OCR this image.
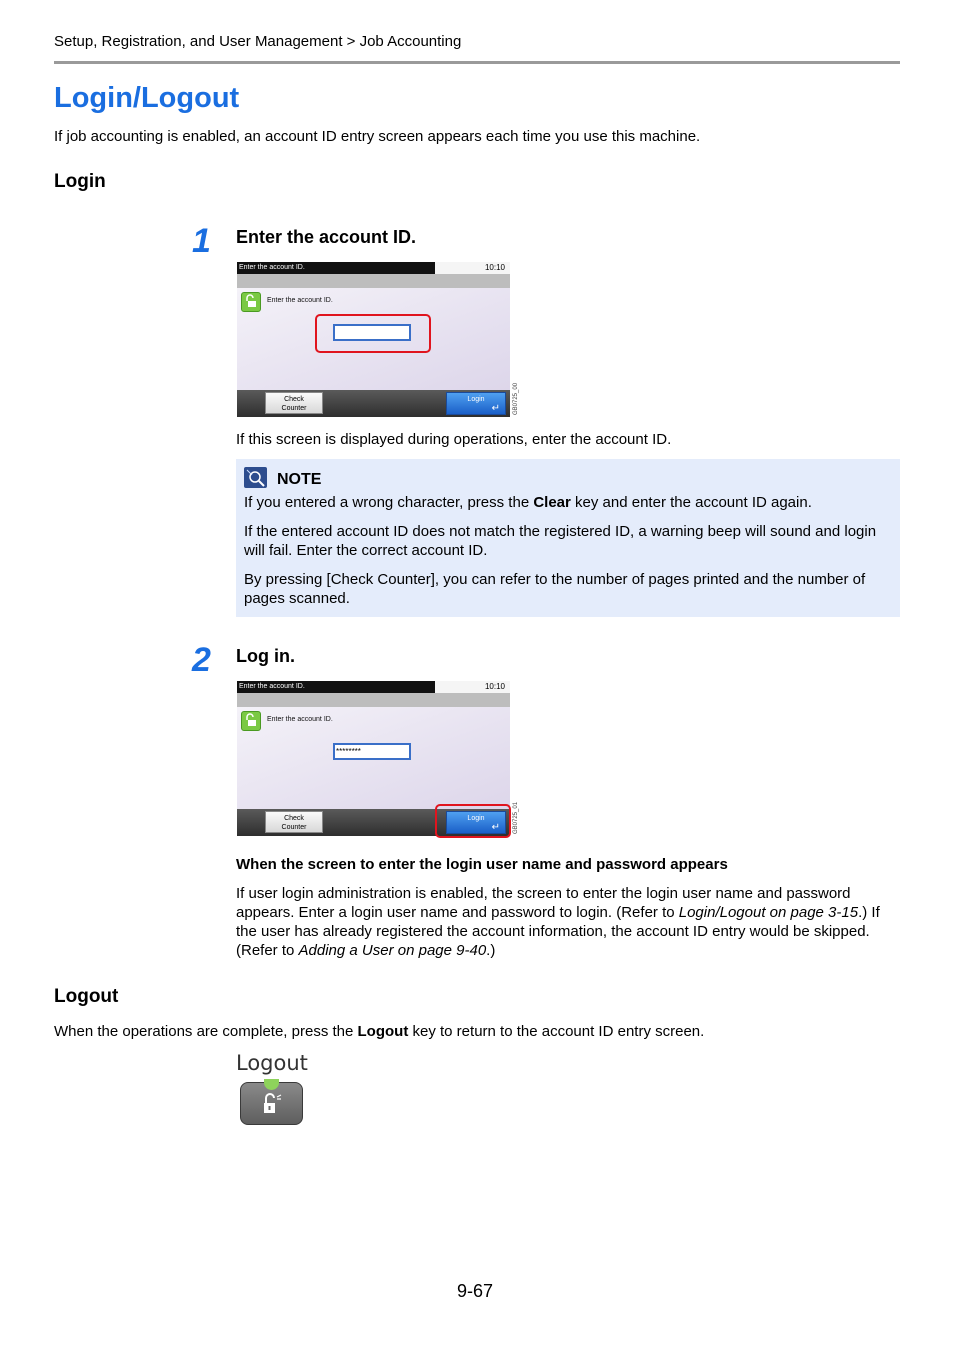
Setup, Registration, and User Management > Job Accounting
Login/Logout
If job accounting is enabled, an account ID entry screen appears each time you use this machine.
Login
1 Enter the account ID.
Enter the account ID.	10:10
Enter the account ID.
Check
Counter
Login
↵ GB0725_00
If this screen is displayed during operations, enter the account ID.
NOTE
If you entered a wrong character, press the Clear key and enter the account ID again.
If the entered account ID does not match the registered ID, a warning beep will sound and login will fail. Enter the correct account ID.
By pressing [Check Counter], you can refer to the number of pages printed and the number of pages scanned.
2 Log in.
Enter the account ID.	10:10
Enter the account ID.
********
Check
Counter
Login
↵ GB0725_01
When the screen to enter the login user name and password appears
If user login administration is enabled, the screen to enter the login user name and password appears. Enter a login user name and password to login. (Refer to Login/Logout on page 3-15.) If the user has already registered the account information, the account ID entry would be skipped. (Refer to Adding a User on page 9-40.)
Logout
When the operations are complete, press the Logout key to return to the account ID entry screen.
Logout
9-67
